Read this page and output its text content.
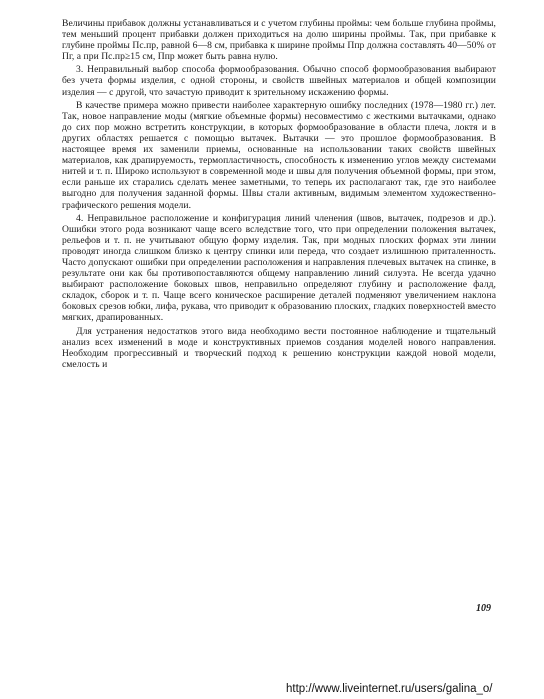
Величины прибавок должны устанавливаться и с учетом глубины проймы: чем больше глубина проймы, тем меньший процент прибавки должен приходиться на долю ширины проймы. Так, при прибавке к глубине проймы Пс.пр, равной 6—8 см, прибавка к ширине проймы Ппр должна составлять 40—50% от Пг, а при Пс.пр≥15 см, Ппр может быть равна нулю.

3. Неправильный выбор способа формообразования. Обычно способ формообразования выбирают без учета формы изделия, с одной стороны, и свойств швейных материалов и общей композиции изделия — с другой, что зачастую приводит к зрительному искажению формы.

В качестве примера можно привести наиболее характерную ошибку последних (1978—1980 гг.) лет. Так, новое направление моды (мягкие объемные формы) несовместимо с жесткими вытачками, однако до сих пор можно встретить конструкции, в которых формообразование в области плеча, локтя и в других областях решается с помощью вытачек. Вытачки — это прошлое формообразования. В настоящее время их заменили приемы, основанные на использовании таких свойств швейных материалов, как драпируемость, термопластичность, способность к изменению углов между системами нитей и т. п. Широко используют в современной моде и швы для получения объемной формы, при этом, если раньше их старались сделать менее заметными, то теперь их располагают так, где это наиболее выгодно для получения заданной формы. Швы стали активным, видимым элементом художественно-графического решения модели.

4. Неправильное расположение и конфигурация линий членения (швов, вытачек, подрезов и др.). Ошибки этого рода возникают чаще всего вследствие того, что при определении положения вытачек, рельефов и т. п. не учитывают общую форму изделия. Так, при модных плоских формах эти линии проводят иногда слишком близко к центру спинки или переда, что создает излишнюю приталенность. Часто допускают ошибки при определении расположения и направления плечевых вытачек на спинке, в результате они как бы противопоставляются общему направлению линий силуэта. Не всегда удачно выбирают расположение боковых швов, неправильно определяют глубину и расположение фалд, складок, сборок и т. п. Чаще всего коническое расширение деталей подменяют увеличением наклона боковых срезов юбки, лифа, рукава, что приводит к образованию плоских, гладких поверхностей вместо мягких, драпированных.

Для устранения недостатков этого вида необходимо вести постоянное наблюдение и тщательный анализ всех изменений в моде и конструктивных приемов создания моделей нового направления. Необходим прогрессивный и творческий подход к решению конструкции каждой новой модели, смелость и

109
http://www.liveinternet.ru/users/galina_o/
